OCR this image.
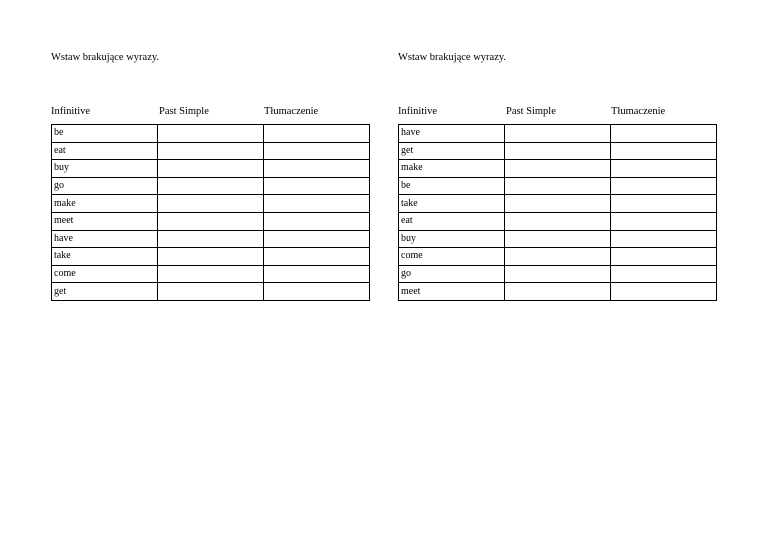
Wstaw brakujące wyrazy.
Infinitive	Past Simple	Tłumaczenie
be		
eat		
buy		
go		
make		
meet		
have		
take		
come		
get		
Wstaw brakujące wyrazy.
Infinitive	Past Simple	Tłumaczenie
have		
get		
make		
be		
take		
eat		
buy		
come		
go		
meet		
